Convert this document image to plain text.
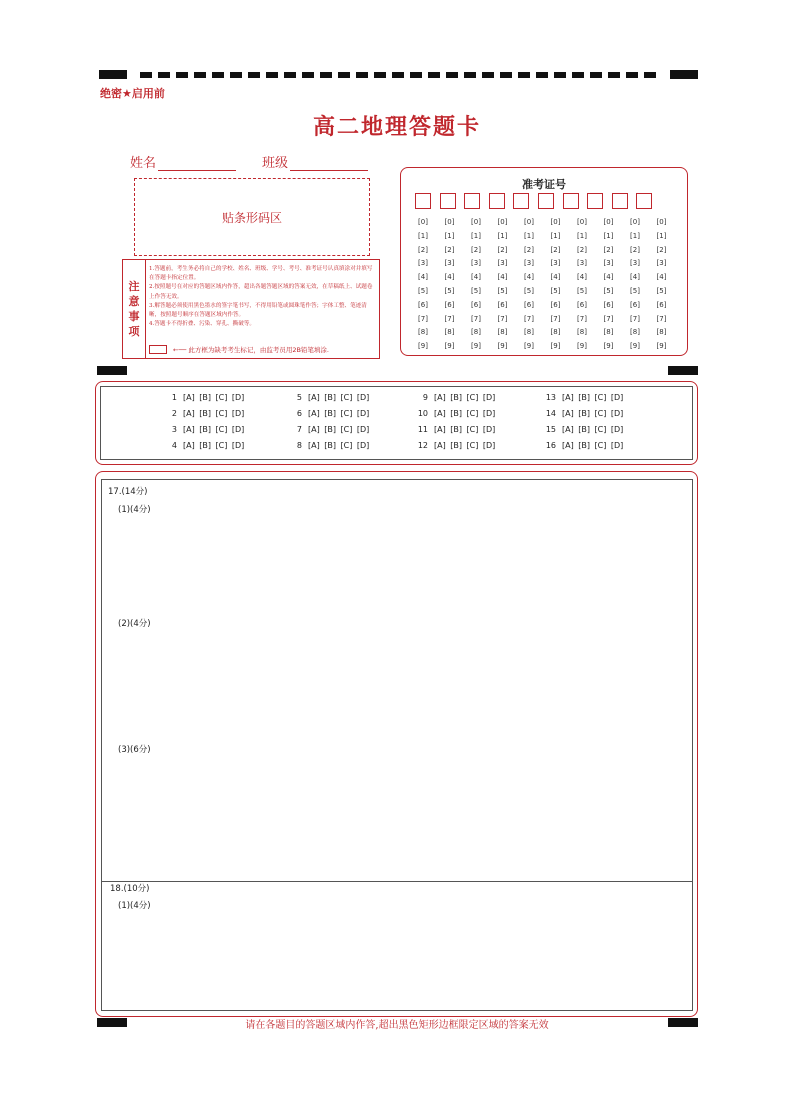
绝密★启用前
高二地理答题卡
姓名	班级
贴条形码区
注
意
事
项
1.答题前，考生务必将自己的学校、姓名、班级、学号、考号、准考证号认真填涂对并填写在答题卡指定位置。
2.按照题号在对应的答题区域内作答，超出各题答题区域的答案无效，在草稿纸上、试题卷上作答无效。
3.解答题必须使用黑色墨水的签字笔书写，不得用铅笔或圆珠笔作答；字体工整、笔迹清晰，按照题号顺序在答题区域内作答。
4.答题卡不得折叠、污染、穿孔、撕破等。
←── 此方框为缺考考生标记，由监考员用2B铅笔填涂.
准考证号
[0]	[0]	[0]	[0]	[0]	[0]	[0]	[0]	[0]	[0]
[1]	[1]	[1]	[1]	[1]	[1]	[1]	[1]	[1]	[1]
[2]	[2]	[2]	[2]	[2]	[2]	[2]	[2]	[2]	[2]
[3]	[3]	[3]	[3]	[3]	[3]	[3]	[3]	[3]	[3]
[4]	[4]	[4]	[4]	[4]	[4]	[4]	[4]	[4]	[4]
[5]	[5]	[5]	[5]	[5]	[5]	[5]	[5]	[5]	[5]
[6]	[6]	[6]	[6]	[6]	[6]	[6]	[6]	[6]	[6]
[7]	[7]	[7]	[7]	[7]	[7]	[7]	[7]	[7]	[7]
[8]	[8]	[8]	[8]	[8]	[8]	[8]	[8]	[8]	[8]
[9]	[9]	[9]	[9]	[9]	[9]	[9]	[9]	[9]	[9]
1 [A] [B] [C] [D]
2 [A] [B] [C] [D]
3 [A] [B] [C] [D]
4 [A] [B] [C] [D]
5 [A] [B] [C] [D]
6 [A] [B] [C] [D]
7 [A] [B] [C] [D]
8 [A] [B] [C] [D]
9 [A] [B] [C] [D]
10 [A] [B] [C] [D]
11 [A] [B] [C] [D]
12 [A] [B] [C] [D]
13 [A] [B] [C] [D]
14 [A] [B] [C] [D]
15 [A] [B] [C] [D]
16 [A] [B] [C] [D]
17.(14分)
(1)(4分)
(2)(4分)
(3)(6分)
18.(10分)
(1)(4分)
请在各题目的答题区域内作答,超出黑色矩形边框限定区域的答案无效
